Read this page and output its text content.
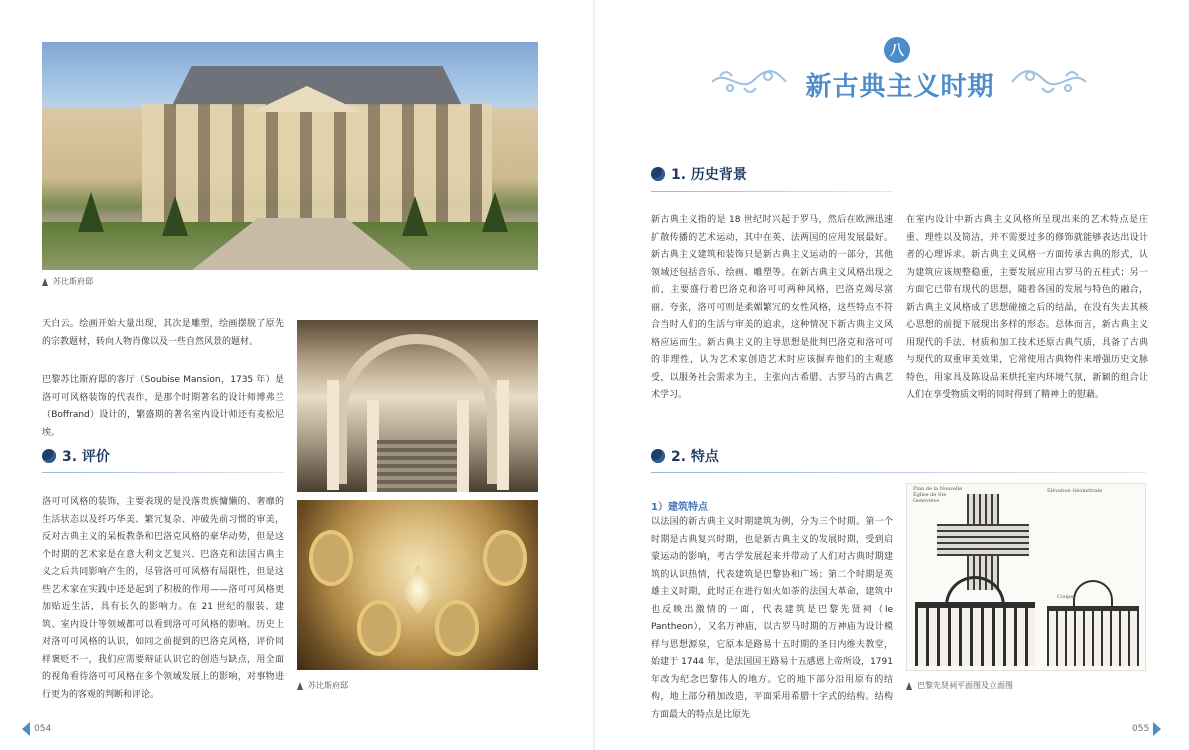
苏比斯府邸
天白云。绘画开始大量出现，其次是雕塑，绘画摆脱了原先的宗教题材，转向人物肖像以及一些自然风景的题材。
巴黎苏比斯府邸的客厅（Soubise Mansion，1735 年）是洛可可风格装饰的代表作，是那个时期著名的设计师博弗兰（Boffrand）设计的，繁盛期的著名室内设计师还有麦松尼埃。
3. 评价
洛可可风格的装饰，主要表现的是没落贵族慵懒的、奢靡的生活状态以及纤巧华美、繁冗复杂、冲破先前习惯的审美，反对古典主义的呆板教条和巴洛克风格的豪华动势，但是这个时期的艺术家是在意大利文艺复兴、巴洛克和法国古典主义之后共同影响产生的，尽管洛可可风格有局限性，但是这些艺术家在实践中还是起到了积极的作用——洛可可风格更加贴近生活，具有长久的影响力。在 21 世纪的服装、建筑、室内设计等领域都可以看到洛可可风格的影响。历史上对洛可可风格的认识，如同之前提到的巴洛克风格，评价同样褒贬不一，我们应需要辩证认识它的创造与缺点，用全面的视角看待洛可可风格在多个领域发展上的影响，对事物进行更为的客观的判断和评论。
苏比斯府邸
054
八
新古典主义时期
1. 历史背景
新古典主义指的是 18 世纪时兴起于罗马，然后在欧洲迅速扩散传播的艺术运动，其中在英、法两国的应用发展最好。新古典主义建筑和装饰只是新古典主义运动的一部分，其他领域还包括音乐、绘画、雕塑等。在新古典主义风格出现之前，主要盛行着巴洛克和洛可可两种风格，巴洛克竭尽富丽、夸张，洛可可则是柔媚繁冗的女性风格，这些特点不符合当时人们的生活与审美的追求，这种情况下新古典主义风格应运而生。新古典主义的主导思想是批判巴洛克和洛可可的非理性，认为艺术家创造艺术时应该摒弃他们的主观感受，以服务社会需求为主，主张向古希腊、古罗马的古典艺术学习。
在室内设计中新古典主义风格所呈现出来的艺术特点是庄重、理性以及简洁，并不需要过多的修饰就能够表达出设计者的心理诉求。新古典主义风格一方面传承古典的形式，认为建筑应该规整稳重，主要发展应用古罗马的五柱式；另一方面它已带有现代的思想，随着各国的发展与特色的融合，新古典主义风格成了思想碰撞之后的结晶，在没有失去其核心思想的前提下展现出多样的形态。总体而言，新古典主义用现代的手法、材质和加工技术还原古典气质，具备了古典与现代的双重审美效果，它常使用古典物件来增强历史文脉特色，用家具及陈设品来烘托室内环境气氛，新颖的组合让人们在享受物质文明的同时得到了精神上的慰藉。
2. 特点
1）建筑特点
以法国的新古典主义时期建筑为例，分为三个时期。第一个时期是古典复兴时期，也是新古典主义的发展时期，受到启蒙运动的影响，考古学发展起来并带动了人们对古典时期建筑的认识热情，代表建筑是巴黎协和广场；第二个时期是英雄主义时期，此时正在进行如火如荼的法国大革命，建筑中也反映出激情的一面，代表建筑是巴黎先贤祠（le Pantheon），又名万神庙，以古罗马时期的万神庙为设计模样与思想源泉，它原本是路易十五时期的圣日内维夫教堂，始建于 1744 年，是法国国王路易十五感恩上帝所设，1791 年改为纪念巴黎伟人的地方。它的地下部分沿用原有的结构，地上部分稍加改造，平面采用希腊十字式的结构。结构方面最大的特点是比原先
Plan de la Nouvelle Église de Ste Geneviève
Élévation Géométrale
Coupe
巴黎先贤祠平面图及立面图
055
